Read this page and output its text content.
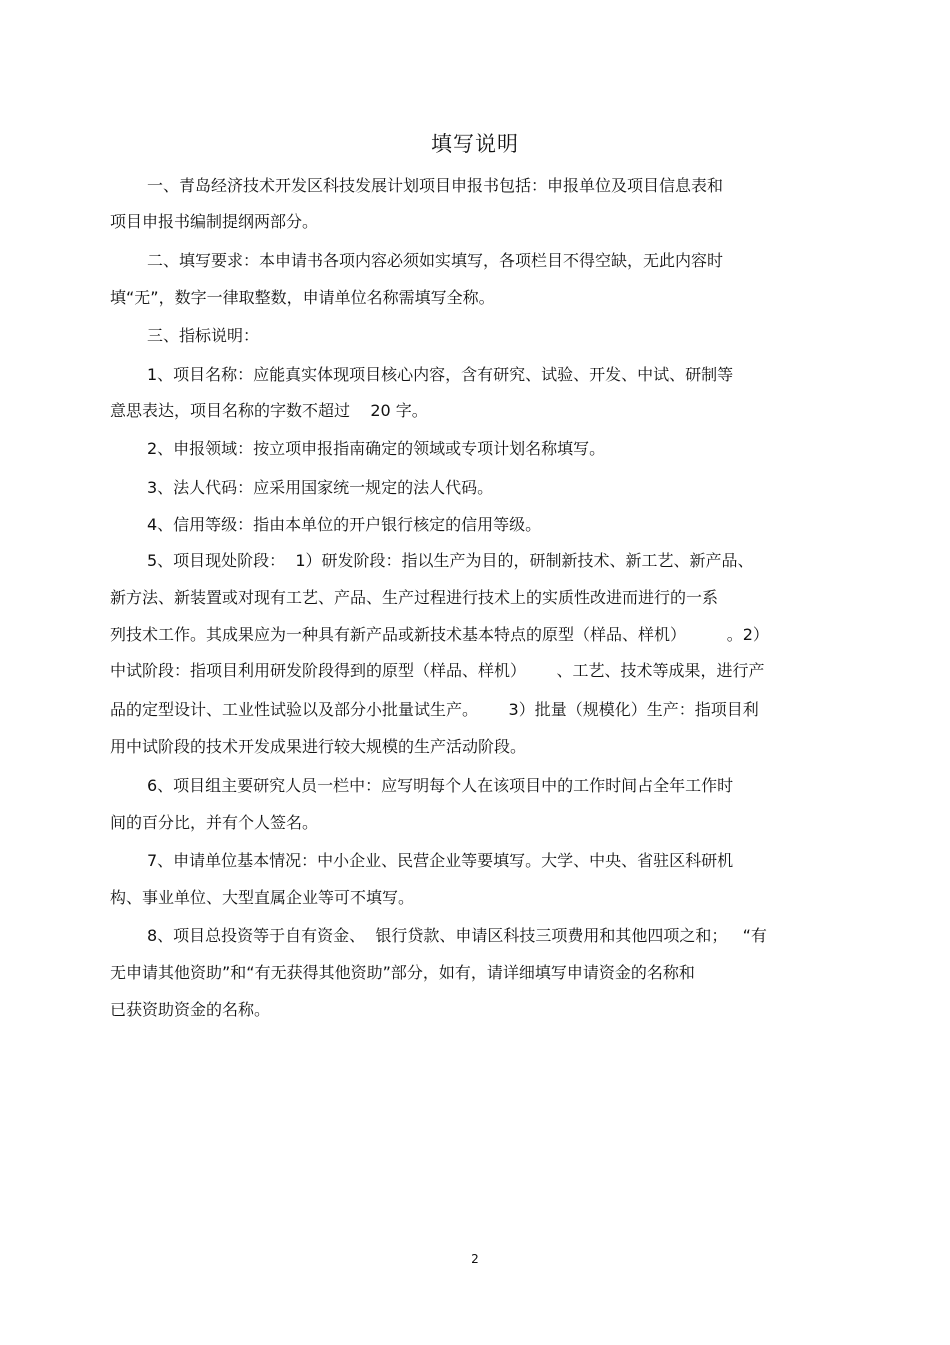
填写说明
一、青岛经济技术开发区科技发展计划项目申报书包括：申报单位及项目信息表和
项目申报书编制提纲两部分。
二、填写要求：本申请书各项内容必须如实填写，各项栏目不得空缺，无此内容时
填“无”，数字一律取整数，申请单位名称需填写全称。
三、指标说明：
1、项目名称：应能真实体现项目核心内容，含有研究、试验、开发、中试、研制等
意思表达，项目名称的字数不超过    20 字。
2、申报领域：按立项申报指南确定的领域或专项计划名称填写。
3、法人代码：应采用国家统一规定的法人代码。
4、信用等级：指由本单位的开户银行核定的信用等级。
5、项目现处阶段：  1）研发阶段：指以生产为目的，研制新技术、新工艺、新产品、
新方法、新装置或对现有工艺、产品、生产过程进行技术上的实质性改进而进行的一系
列技术工作。其成果应为一种具有新产品或新技术基本特点的原型（样品、样机）        。2）
中试阶段：指项目利用研发阶段得到的原型（样品、样机）      、工艺、技术等成果，进行产
品的定型设计、工业性试验以及部分小批量试生产。      3）批量（规模化）生产：指项目利
用中试阶段的技术开发成果进行较大规模的生产活动阶段。
6、项目组主要研究人员一栏中：应写明每个人在该项目中的工作时间占全年工作时
间的百分比，并有个人签名。
7、申请单位基本情况：中小企业、民营企业等要填写。大学、中央、省驻区科研机
构、事业单位、大型直属企业等可不填写。
8、项目总投资等于自有资金、  银行贷款、申请区科技三项费用和其他四项之和；   “有
无申请其他资助”和“有无获得其他资助”部分，如有，请详细填写申请资金的名称和
已获资助资金的名称。
2
